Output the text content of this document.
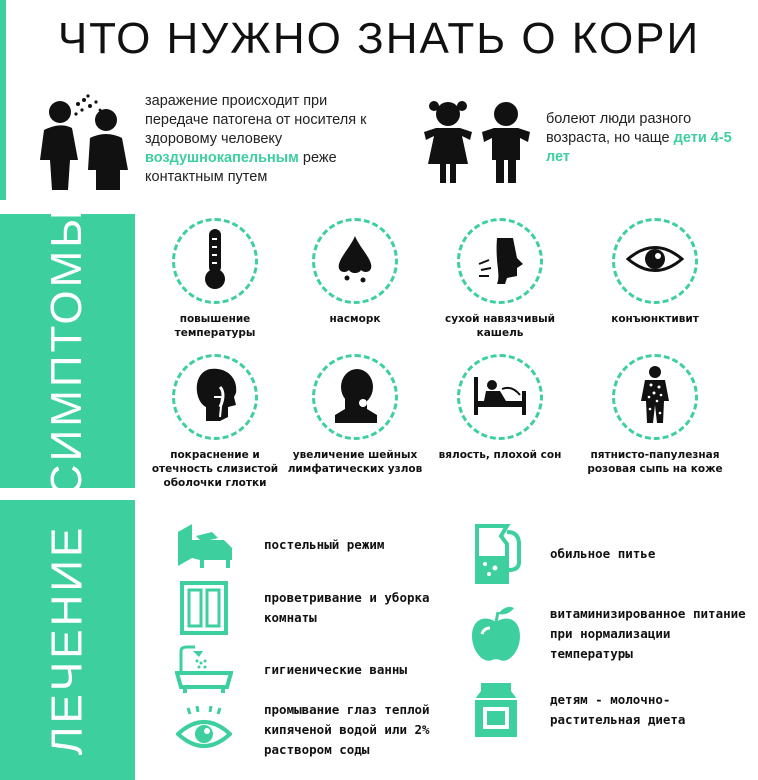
ЧТО НУЖНО ЗНАТЬ О КОРИ
заражение происходит при передаче патогена от носителя к здоровому человеку воздушнокапельным реже контактным путем
болеют люди разного возраста, но чаще дети 4-5 лет
СИМПТОМЫ
ЛЕЧЕНИЕ
повышение температуры
насморк	сухой навязчивый кашель
конъюнктивит
покраснение и отечность слизистой оболочки глотки
увеличение шейных лимфатических узлов
вялость, плохой сон	пятнисто-папулезная розовая сыпь на коже
постельный режим
проветривание и уборка комнаты
гигиенические ванны
промывание глаз теплой кипяченой водой или 2% раствором соды
обильное питье
витаминизированное питание при нормализации температуры
детям - молочно-растительная диета
